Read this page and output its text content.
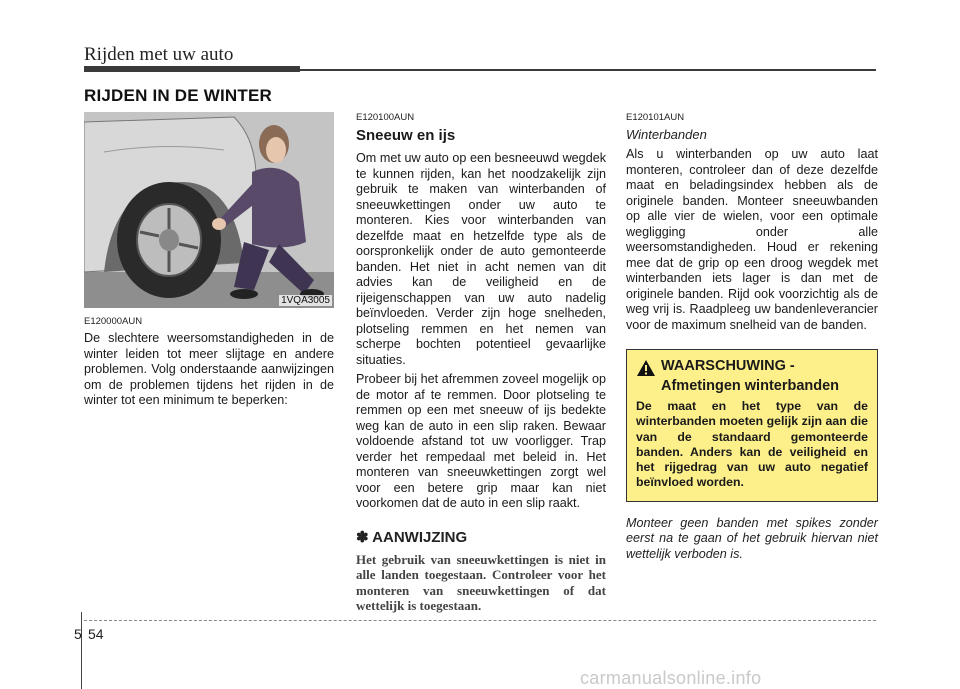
Rijden met uw auto
RIJDEN IN DE WINTER
1VQA3005
E120000AUN

De slechtere weersomstandigheden in de winter leiden tot meer slijtage en andere problemen. Volg onderstaande aanwijzingen om de problemen tijdens het rijden in de winter tot een minimum te beperken:

E120100AUN
Sneeuw en ijs

Om met uw auto op een besneeuwd wegdek te kunnen rijden, kan het noodzakelijk zijn gebruik te maken van winterbanden of sneeuwkettingen onder uw auto te monteren. Kies voor winterbanden van dezelfde maat en hetzelfde type als de oorspronkelijk onder de auto gemonteerde banden. Het niet in acht nemen van dit advies kan de veiligheid en de rijeigenschappen van uw auto nadelig beïnvloeden. Verder zijn hoge snelheden, plotseling remmen en het nemen van scherpe bochten potentieel gevaarlijke situaties.

Probeer bij het afremmen zoveel mogelijk op de motor af te remmen. Door plotseling te remmen op een met sneeuw of ijs bedekte weg kan de auto in een slip raken. Bewaar voldoende afstand tot uw voorligger. Trap verder het rempedaal met beleid in. Het monteren van sneeuwkettingen zorgt wel voor een betere grip maar kan niet voorkomen dat de auto in een slip raakt.

✽ AANWIJZING
Het gebruik van sneeuwkettingen is niet in alle landen toegestaan. Controleer voor het monteren van sneeuwkettingen of dat wettelijk is toegestaan.
E120101AUN
Winterbanden

Als u winterbanden op uw auto laat monteren, controleer dan of deze dezelfde maat en beladingsindex hebben als de originele banden. Monteer sneeuwbanden op alle vier de wielen, voor een optimale wegligging onder alle weersomstandigheden. Houd er rekening mee dat de grip op een droog wegdek met winterbanden iets lager is dan met de originele banden. Rijd ook voorzichtig als de weg vrij is. Raadpleeg uw bandenleverancier voor de maximum snelheid van de banden.

WAARSCHUWING -
Afmetingen winterbanden
De maat en het type van de winterbanden moeten gelijk zijn aan die van de standaard gemonteerde banden. Anders kan de veiligheid en het rijgedrag van uw auto negatief beïnvloed worden.

Monteer geen banden met spikes zonder eerst na te gaan of het gebruik hiervan niet wettelijk verboden is.

5 54
carmanualsonline.info
